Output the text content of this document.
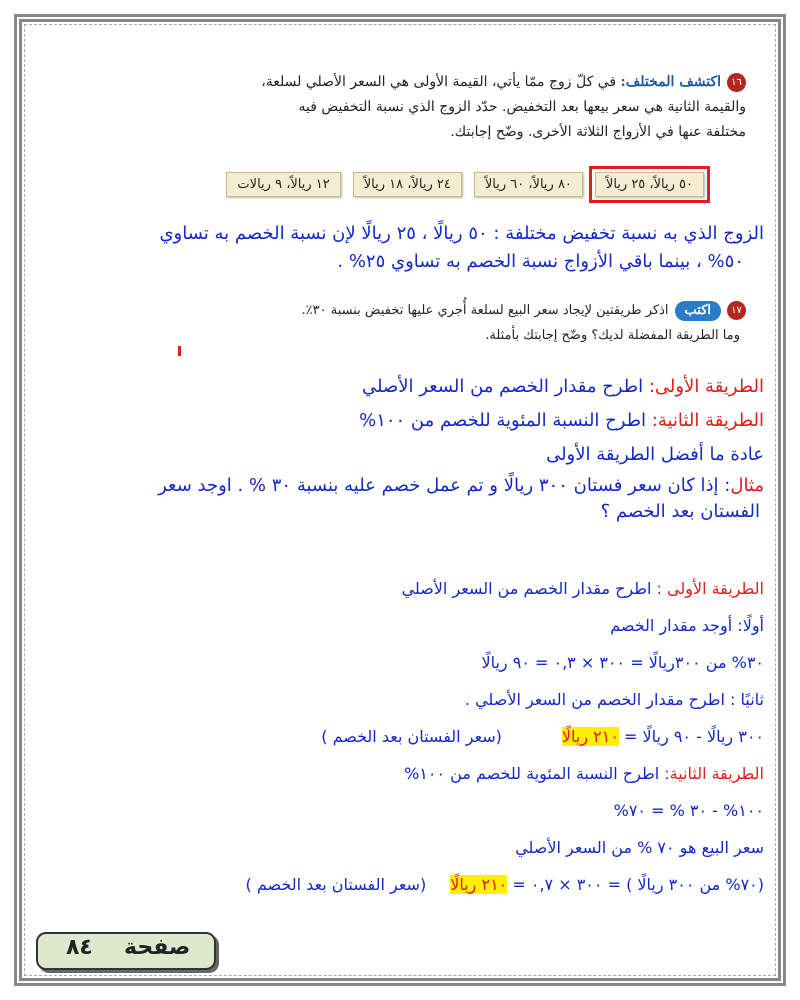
١٦اكتشف المختلف: في كلّ زوج ممّا يأتي، القيمة الأولى هي السعر الأصلي لسلعة،
والقيمة الثانية هي سعر بيعها بعد التخفيض. حدّد الزوج الذي نسبة التخفيض فيه
مختلفة عنها في الأزواج الثلاثة الأخرى. وضّح إجابتك.
٥٠ ريالاً، ٢٥ ريالاً
٨٠ ريالاً، ٦٠ ريالاً
٢٤ ريالاً، ١٨ ريالاً
١٢ ريالاً، ٩ ريالات
الزوج الذي به نسبة تخفيض مختلفة : ٥٠ ريالًا ، ٢٥ ريالًا لإن نسبة الخصم به تساوي
٥٠% ، بينما باقي الأزواج نسبة الخصم به تساوي ٢٥% .
١٧اكتباذكر طريقتين لإيجاد سعر البيع لسلعة أُجري عليها تخفيض بنسبة ٣٠٪.
وما الطريقة المفضلة لديك؟ وضّح إجابتك بأمثلة.
الطريقة الأولى: اطرح مقدار الخصم من السعر الأصلي
الطريقة الثانية: اطرح النسبة المئوية للخصم من ١٠٠%
عادة ما أفضل الطريقة الأولى
مثال: إذا كان سعر فستان ٣٠٠ ريالًا و تم عمل خصم عليه بنسبة ٣٠ % . اوجد سعر
الفستان بعد الخصم ؟
الطريقة الأولى : اطرح مقدار الخصم من السعر الأصلي
أولًا: أوجد مقدار الخصم
٣٠% من ٣٠٠ريالًا = ٣٠٠ × ٠,٣ = ٩٠ ريالًا
ثانيًا : اطرح مقدار الخصم من السعر الأصلي .
٣٠٠ ريالًا - ٩٠ ريالًا = ٢١٠ ريالًا(سعر الفستان بعد الخصم )
الطريقة الثانية: اطرح النسبة المئوية للخصم من ١٠٠%
١٠٠% - ٣٠ % = ٧٠%
سعر البيع هو ٧٠ % من السعر الأصلي
(٧٠% من ٣٠٠ ريالًا ) = ٣٠٠ × ٠,٧ = ٢١٠ ريالًا(سعر الفستان بعد الخصم )
صفحة
٨٤
